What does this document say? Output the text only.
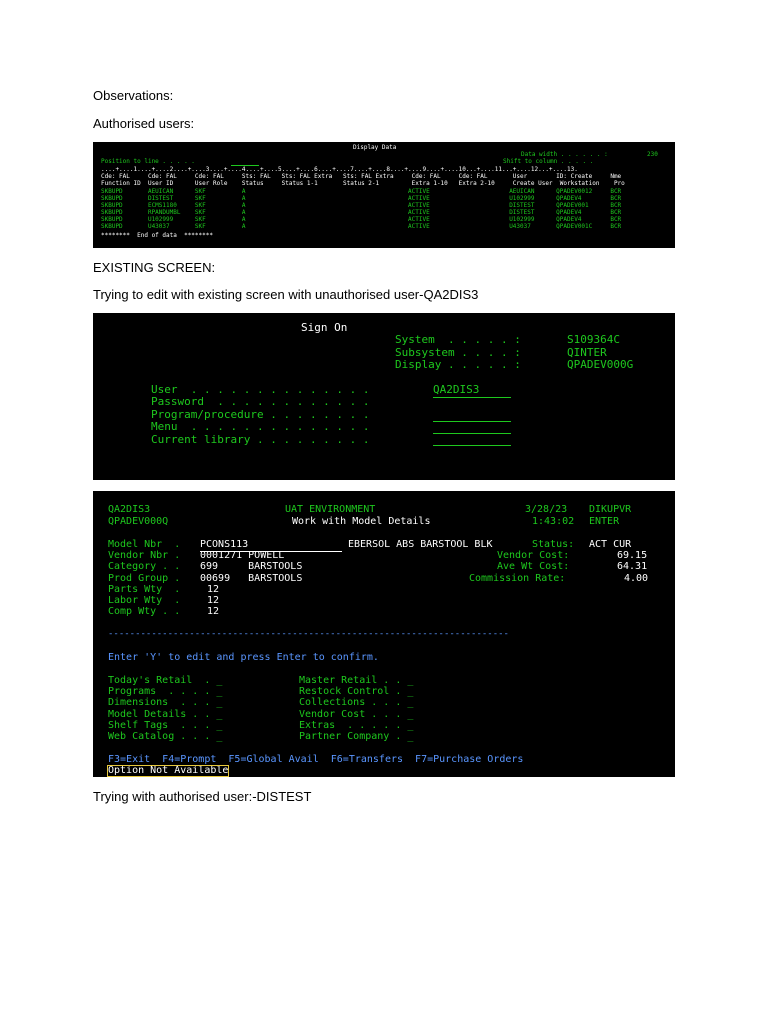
Observations:
Authorised users:
Display Data
Data width . . . . . . :	230
Position to line . . . . .	Shift to column . . . . .
....+....1....+....2....+....3....+....4....+....5....+....6....+....7....+....8....+....9....+....10...+....11...+....12...+....13.
Cde: FAL     Cde: FAL     Cde: FAL     Sts: FAL   Sts: FAL Extra   Sts: FAL Extra     Cde: FAL     Cde: FAL       User        ID: Create     Nme
Function ID  User ID      User Role    Status     Status 1-1       Status 2-1         Extra 1-10   Extra 2-10     Create User  Workstation    Pro
SKBUPD       AEUICAN      SKF          A                                             ACTIVE                      AEUICAN      QPADEV0012     BCR
SKBUPD       DISTEST      SKF          A                                             ACTIVE                      U102999      QPADEV4        BCR
SKBUPD       ECMS1180     SKF          A                                             ACTIVE                      DISTEST      QPADEV001      BCR
SKBUPD       RPANDUMBL    SKF          A                                             ACTIVE                      DISTEST      QPADEV4        BCR
SKBUPD       U102999      SKF          A                                             ACTIVE                      U102999      QPADEV4        BCR
SKBUPD       U43037       SKF          A                                             ACTIVE                      U43037       QPADEV001C     BCR
********  End of data  ********
EXISTING SCREEN:
Trying to edit with existing screen with unauthorised user-QA2DIS3
Sign On
System  . . . . . :	S109364C
Subsystem . . . . :	QINTER
Display . . . . . :	QPADEV000G
User  . . . . . . . . . . . . . .	QA2DIS3
Password  . . . . . . . . . . . .
Program/procedure . . . . . . . .
Menu  . . . . . . . . . . . . . .
Current library . . . . . . . . .
QA2DIS3	UAT ENVIRONMENT	3/28/23 DIKUPVR
QPADEV000Q	Work with Model Details	1:43:02 ENTER
Model Nbr  . PCONS113	EBERSOL ABS BARSTOOL BLK	Status: ACT CUR
Vendor Nbr . 0001271 POWELL	Vendor Cost:	69.15
Category . . 699     BARSTOOLS	Ave Wt Cost:	64.31
Prod Group . 00699   BARSTOOLS	Commission Rate:	4.00
Parts Wty  .	12
Labor Wty  .	12
Comp Wty . .	12
--------------------------------------------------------------------------
Enter 'Y' to edit and press Enter to confirm.
Today's Retail  . _
Programs  . . . . _
Dimensions  . . . _
Model Details . . _
Shelf Tags  . . . _
Web Catalog . . . _
Master Retail . . _
Restock Control . _
Collections . . . _
Vendor Cost . . . _
Extras  . . . . . _
Partner Company . _
F3=Exit  F4=Prompt  F5=Global Avail  F6=Transfers  F7=Purchase Orders
Option Not Available
Trying with authorised user:-DISTEST
